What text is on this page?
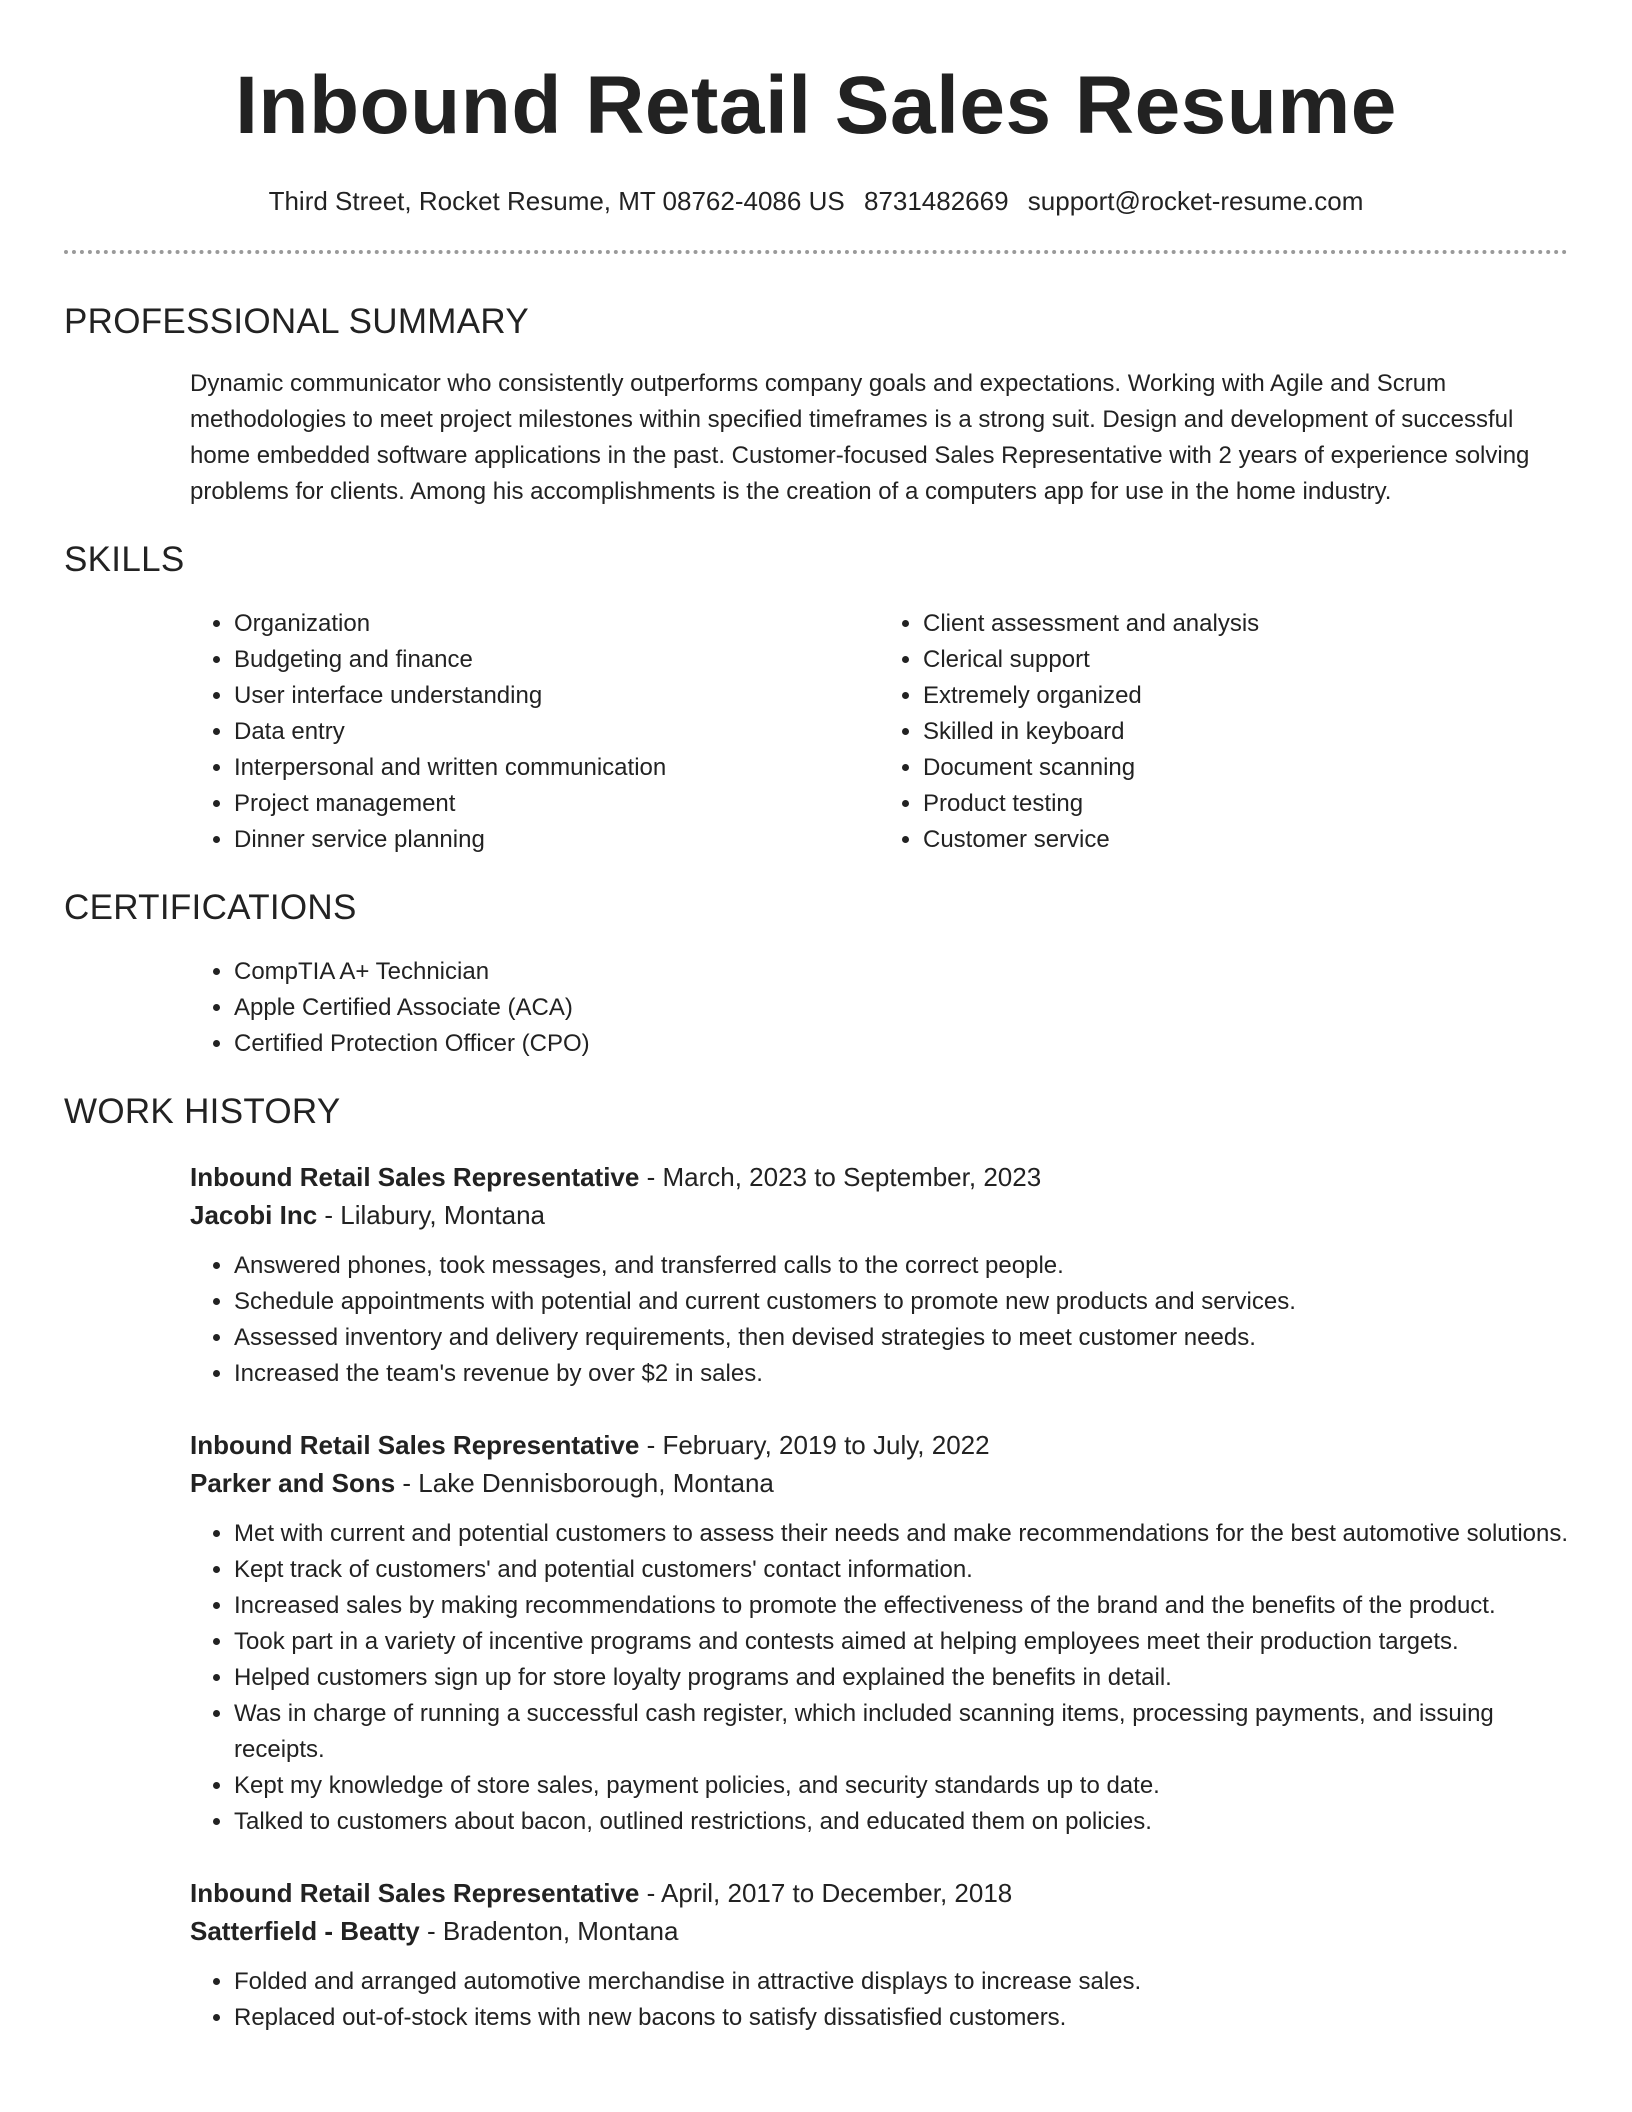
Inbound Retail Sales Resume
Third Street, Rocket Resume, MT 08762-4086 US 8731482669 support@rocket-resume.com
PROFESSIONAL SUMMARY
Dynamic communicator who consistently outperforms company goals and expectations. Working with Agile and Scrum methodologies to meet project milestones within specified timeframes is a strong suit. Design and development of successful home embedded software applications in the past. Customer-focused Sales Representative with 2 years of experience solving problems for clients. Among his accomplishments is the creation of a computers app for use in the home industry.
SKILLS
• Organization
• Budgeting and finance
• User interface understanding
• Data entry
• Interpersonal and written communication
• Project management
• Dinner service planning
• Client assessment and analysis
• Clerical support
• Extremely organized
• Skilled in keyboard
• Document scanning
• Product testing
• Customer service
CERTIFICATIONS
• CompTIA A+ Technician
• Apple Certified Associate (ACA)
• Certified Protection Officer (CPO)
WORK HISTORY
Inbound Retail Sales Representative - March, 2023 to September, 2023
Jacobi Inc - Lilabury, Montana
• Answered phones, took messages, and transferred calls to the correct people.
• Schedule appointments with potential and current customers to promote new products and services.
• Assessed inventory and delivery requirements, then devised strategies to meet customer needs.
• Increased the team's revenue by over $2 in sales.
Inbound Retail Sales Representative - February, 2019 to July, 2022
Parker and Sons - Lake Dennisborough, Montana
• Met with current and potential customers to assess their needs and make recommendations for the best automotive solutions.
• Kept track of customers' and potential customers' contact information.
• Increased sales by making recommendations to promote the effectiveness of the brand and the benefits of the product.
• Took part in a variety of incentive programs and contests aimed at helping employees meet their production targets.
• Helped customers sign up for store loyalty programs and explained the benefits in detail.
• Was in charge of running a successful cash register, which included scanning items, processing payments, and issuing receipts.
• Kept my knowledge of store sales, payment policies, and security standards up to date.
• Talked to customers about bacon, outlined restrictions, and educated them on policies.
Inbound Retail Sales Representative - April, 2017 to December, 2018
Satterfield - Beatty - Bradenton, Montana
• Folded and arranged automotive merchandise in attractive displays to increase sales.
• Replaced out-of-stock items with new bacons to satisfy dissatisfied customers.
